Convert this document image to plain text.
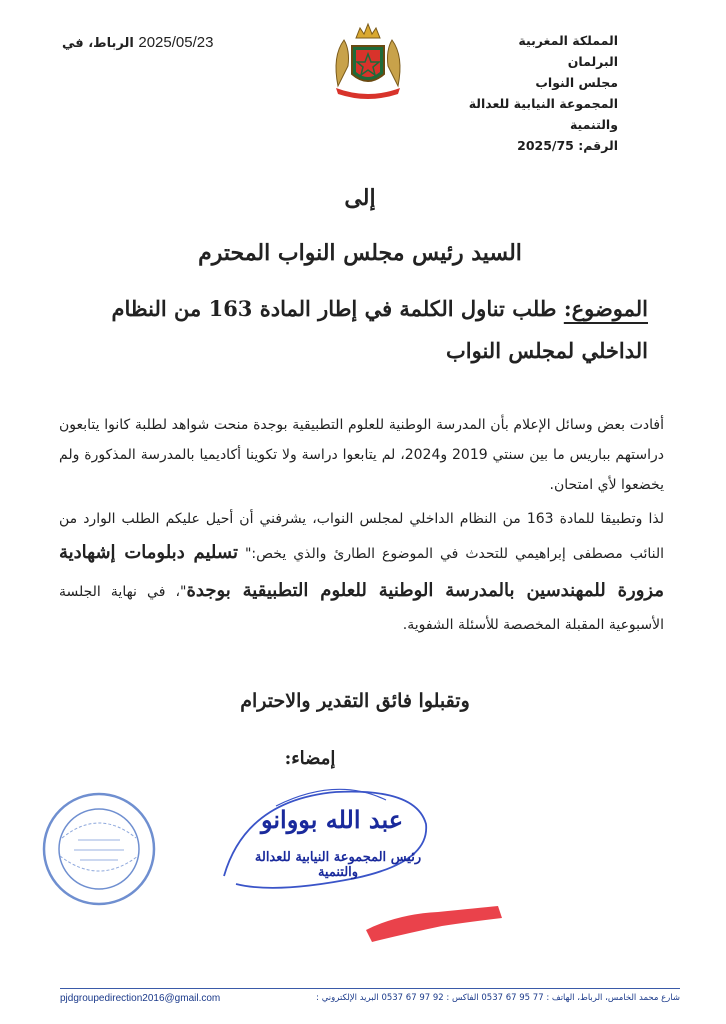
المملكة المغربية
البرلمان
مجلس النواب
المجموعة النيابية للعدالة
والتنمية
الرقم: 2025/75
2025/05/23 الرباط، في
إلى
السيد رئيس مجلس النواب المحترم
الموضوع: طلب تناول الكلمة في إطار المادة 163 من النظام الداخلي لمجلس النواب

أفادت بعض وسائل الإعلام بأن المدرسة الوطنية للعلوم التطبيقية بوجدة منحت شواهد لطلبة كانوا يتابعون دراستهم بباريس ما بين سنتي 2019 و2024، لم يتابعوا دراسة ولا تكوينا أكاديميا بالمدرسة المذكورة ولم يخضعوا لأي امتحان.

لذا وتطبيقا للمادة 163 من النظام الداخلي لمجلس النواب، يشرفني أن أحيل عليكم الطلب الوارد من النائب مصطفى إبراهيمي للتحدث في الموضوع الطارئ والذي يخص:" تسليم دبلومات إشهادية مزورة للمهندسين بالمدرسة الوطنية للعلوم التطبيقية بوجدة"، في نهاية الجلسة الأسبوعية المقبلة المخصصة للأسئلة الشفوية.

وتقبلوا فائق التقدير والاحترام
إمضاء:
عبد الله بووانو
رئيس المجموعة النيابية للعدالة والتنمية
pjdgroupedirection2016@gmail.com	شارع محمد الخامس، الرباط، الهاتف : 77 95 67 0537 الفاكس : 92 97 67 0537 البريد الإلكتروني :
